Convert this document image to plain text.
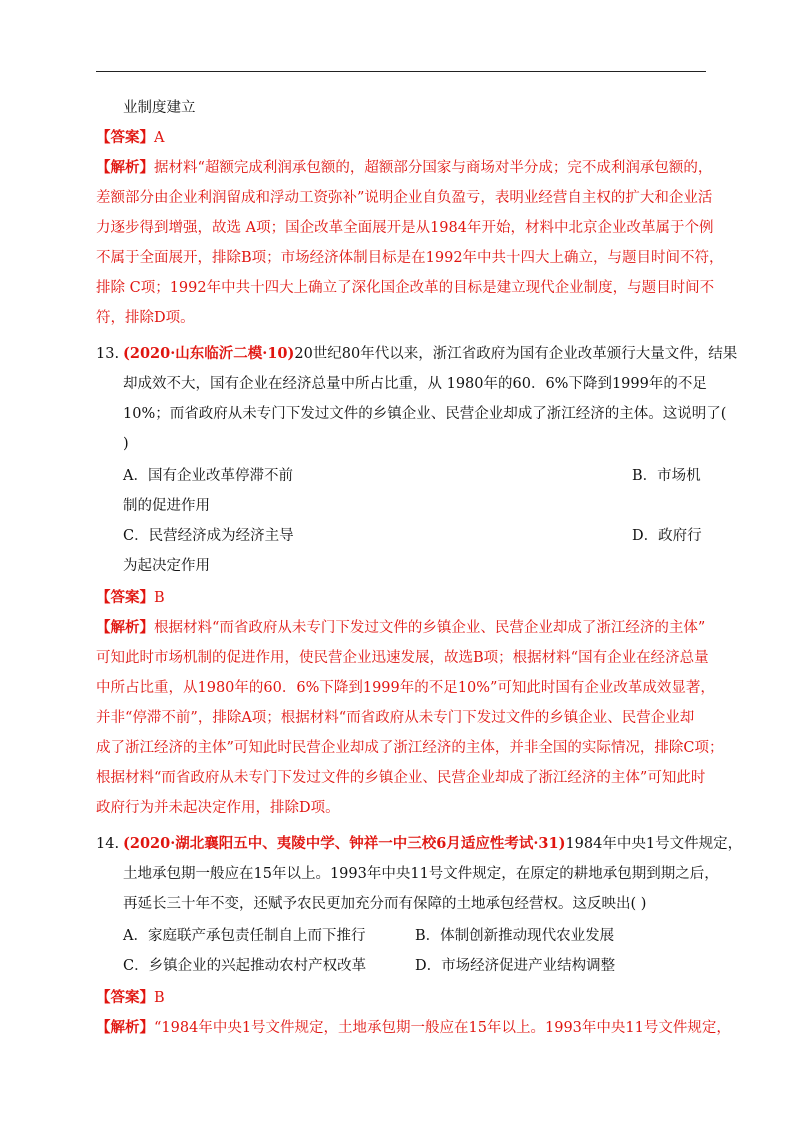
业制度建立
【答案】A
【解析】据材料“超额完成利润承包额的，超额部分国家与商场对半分成；完不成利润承包额的，
差额部分由企业利润留成和浮动工资弥补”说明企业自负盈亏，表明业经营自主权的扩大和企业活
力逐步得到增强，故选 A项；国企改革全面展开是从1984年开始，材料中北京企业改革属于个例
不属于全面展开，排除B项；市场经济体制目标是在1992年中共十四大上确立，与题目时间不符，
排除 C项；1992年中共十四大上确立了深化国企改革的目标是建立现代企业制度，与题目时间不
符，排除D项。
13. (2020·山东临沂二模·10)20世纪80年代以来，浙江省政府为国有企业改革颁行大量文件，结果
却成效不大，国有企业在经济总量中所占比重，从 1980年的60．6%下降到1999年的不足
10%；而省政府从未专门下发过文件的乡镇企业、民营企业却成了浙江经济的主体。这说明了(
)
A．国有企业改革停滞不前	B．市场机
制的促进作用
C．民营经济成为经济主导	D．政府行
为起决定作用
【答案】B
【解析】根据材料“而省政府从未专门下发过文件的乡镇企业、民营企业却成了浙江经济的主体”
可知此时市场机制的促进作用，使民营企业迅速发展，故选B项；根据材料“国有企业在经济总量
中所占比重，从1980年的60．6%下降到1999年的不足10%”可知此时国有企业改革成效显著，
并非“停滞不前”，排除A项；根据材料“而省政府从未专门下发过文件的乡镇企业、民营企业却
成了浙江经济的主体”可知此时民营企业却成了浙江经济的主体，并非全国的实际情况，排除C项；
根据材料“而省政府从未专门下发过文件的乡镇企业、民营企业却成了浙江经济的主体”可知此时
政府行为并未起决定作用，排除D项。
14. (2020·湖北襄阳五中、夷陵中学、钟祥一中三校6月适应性考试·31)1984年中央1号文件规定，
土地承包期一般应在15年以上。1993年中央11号文件规定，在原定的耕地承包期到期之后，
再延长三十年不变，还赋予农民更加充分而有保障的土地承包经营权。这反映出( )
A．家庭联产承包责任制自上而下推行	B．体制创新推动现代农业发展
C．乡镇企业的兴起推动农村产权改革	D．市场经济促进产业结构调整
【答案】B
【解析】“1984年中央1号文件规定，土地承包期一般应在15年以上。1993年中央11号文件规定，
